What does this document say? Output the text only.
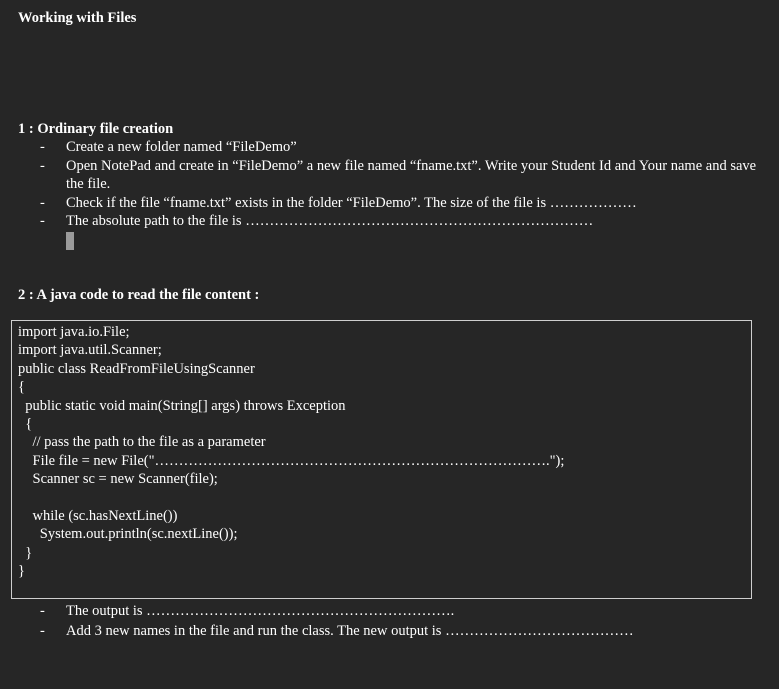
Working with Files
1 : Ordinary file creation
- Create a new folder named “FileDemo”
- Open NotePad and create in “FileDemo” a new file named “fname.txt”. Write your Student Id and Your name and save the file.
- Check if the file “fname.txt” exists in the folder “FileDemo”. The size of the file is ………………
- The absolute path to the file is ………………………………………………………………
2 : A java code to read the file content :
import java.io.File;
import java.util.Scanner;
public class ReadFromFileUsingScanner
{
public static void main(String[] args) throws Exception
{
// pass the path to the file as a parameter
File file = new File("……………………………………………………………………….");
Scanner sc = new Scanner(file);
while (sc.hasNextLine())
System.out.println(sc.nextLine());
}
}
- The output is ……………………………………………………….
- Add 3 new names in the file and run the class. The new output is …………………………………
